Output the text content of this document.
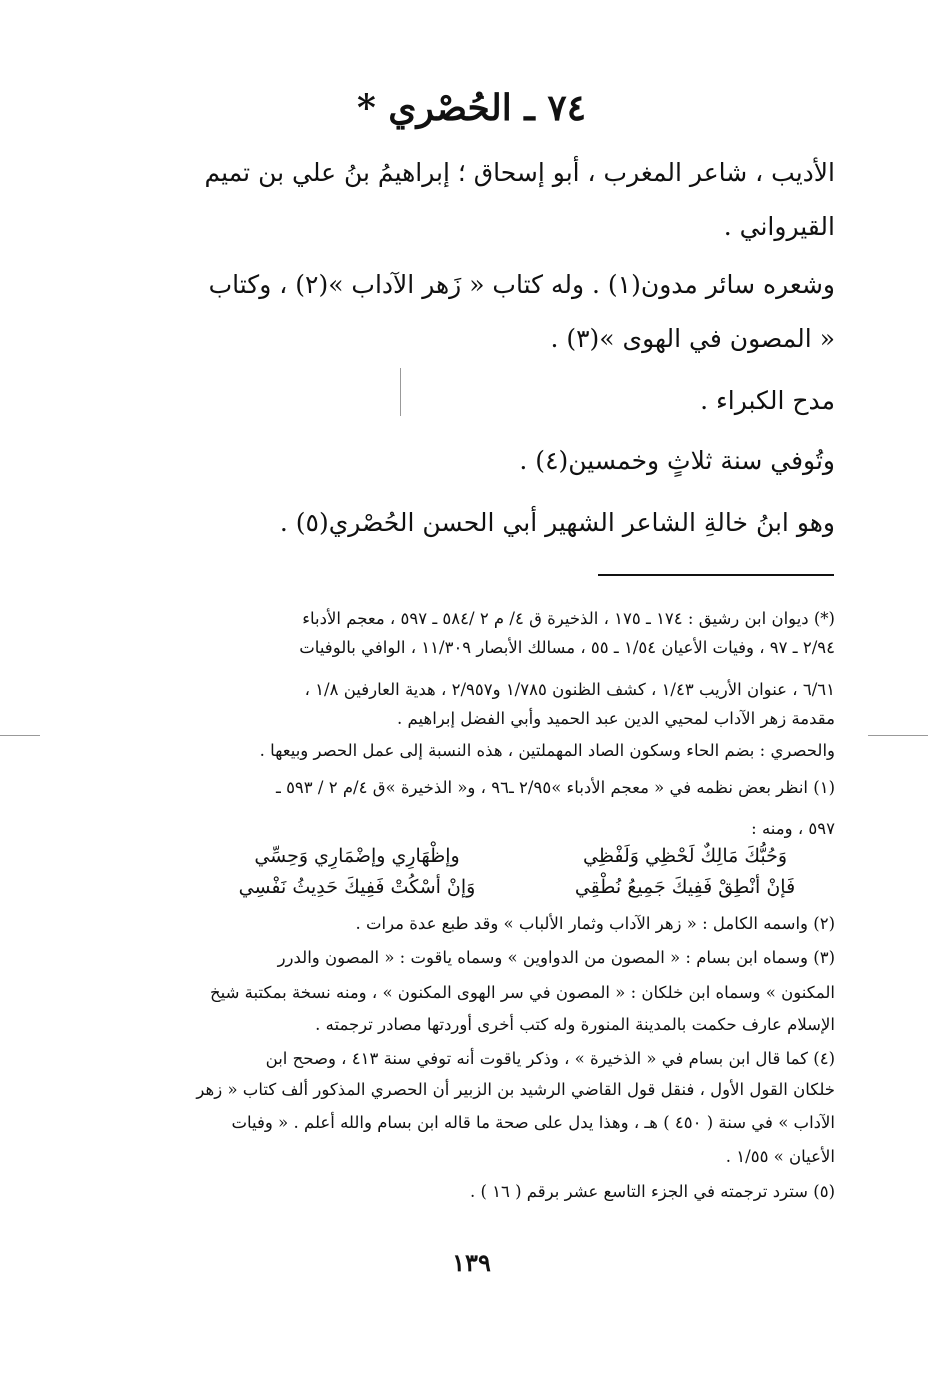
٧٤ ـ الحُصْري *
الأديب ، شاعر المغرب ، أبو إسحاق ؛ إبراهيمُ بنُ علي بن تميم
القيرواني .
وشعره سائر مدون(١) . وله كتاب « زَهر الآداب »(٢) ، وكتاب
« المصون في الهوى »(٣) .
مدح الكبراء .
وتُوفي سنة ثلاثٍ وخمسين(٤) .
وهو ابنُ خالةِ الشاعر الشهير أبي الحسن الحُصْري(٥) .
(*) ديوان ابن رشيق : ١٧٤ ـ ١٧٥ ، الذخيرة ق ٤/ م ٢ /٥٨٤ ـ ٥٩٧ ، معجم الأدباء
٢/٩٤ ـ ٩٧ ، وفيات الأعيان ١/٥٤ ـ ٥٥ ، مسالك الأبصار ١١/٣٠٩ ، الوافي بالوفيات
٦/٦١ ، عنوان الأريب ١/٤٣ ، كشف الظنون ١/٧٨٥ و٢/٩٥٧ ، هدية العارفين ١/٨ ،
مقدمة زهر الآداب لمحيي الدين عبد الحميد وأبي الفضل إبراهيم .
والحصري : بضم الحاء وسكون الصاد المهملتين ، هذه النسبة إلى عمل الحصر وبيعها .
(١) انظر بعض نظمه في « معجم الأدباء »٢/٩٥ ـ٩٦ ، و« الذخيرة »ق ٤/م ٢ / ٥٩٣ ـ
٥٩٧ ، ومنه :
وَحُبُّكَ مَالِكٌ لَحْظِي وَلَفْظِي
وإظْهَارِي وإضْمَارِي وَحِسِّي
فَإنْ أنْطِقْ فَفِيكَ جَمِيعُ نُطْقِي
وَإنْ أسْكُتْ فَفِيكَ حَدِيثُ نَفْسِي
(٢) واسمه الكامل : « زهر الآداب وثمار الألباب » وقد طبع عدة مرات .
(٣) وسماه ابن بسام : « المصون من الدواوين » وسماه ياقوت : « المصون والدرر
المكنون » وسماه ابن خلكان : « المصون في سر الهوى المكنون » ، ومنه نسخة بمكتبة شيخ
الإسلام عارف حكمت بالمدينة المنورة وله كتب أخرى أوردتها مصادر ترجمته .
(٤) كما قال ابن بسام في « الذخيرة » ، وذكر ياقوت أنه توفي سنة ٤١٣ ، وصحح ابن
خلكان القول الأول ، فنقل قول القاضي الرشيد بن الزبير أن الحصري المذكور ألف كتاب « زهر
الآداب » في سنة ( ٤٥٠ ) هـ ، وهذا يدل على صحة ما قاله ابن بسام والله أعلم . « وفيات
الأعيان » ١/٥٥ .
(٥) سترد ترجمته في الجزء التاسع عشر برقم ( ١٦ ) .
١٣٩
